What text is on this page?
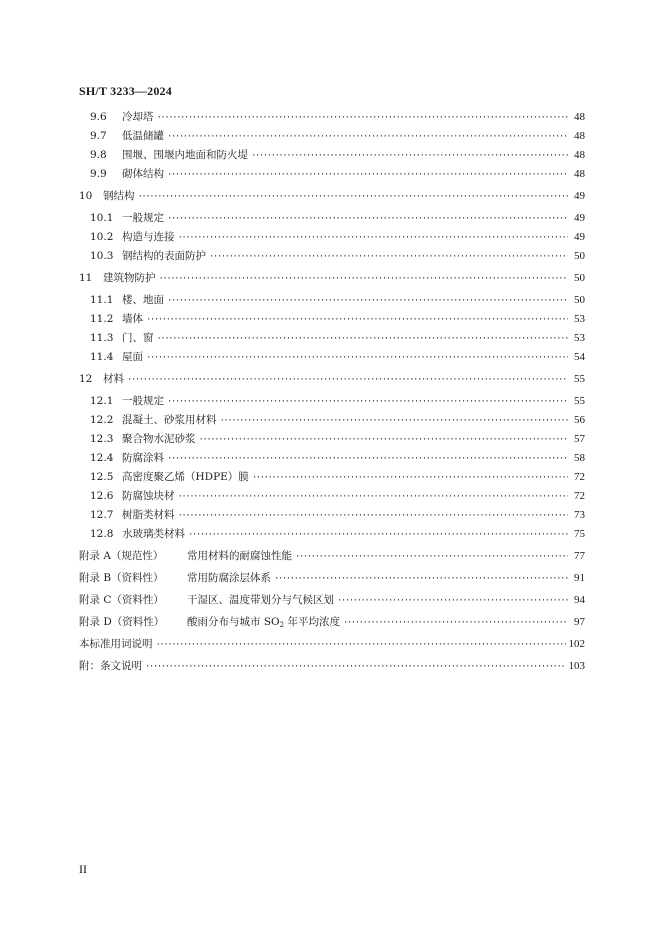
SH/T 3233—2024
9.6	冷却塔 ·····	48
9.7	低温储罐 ·····	48
9.8	围堰、围堰内地面和防火堤 ·····	48
9.9	砌体结构 ·····	48
10	钢结构 ·····	49
10.1 一般规定 ·····	49
10.2 构造与连接 ·····	49
10.3 钢结构的表面防护 ·····	50
11	建筑物防护 ·····	50
11.1 楼、地面 ·····	50
11.2 墙体 ·····	53
11.3 门、窗 ·····	53
11.4 屋面 ·····	54
12	材料 ·····	55
12.1 一般规定 ·····	55
12.2 混凝土、砂浆用材料 ·····	56
12.3 聚合物水泥砂浆 ·····	57
12.4 防腐涂料 ·····	58
12.5 高密度聚乙烯（HDPE）膜 ·····	72
12.6 防腐蚀块材 ·····	72
12.7 树脂类材料 ·····	73
12.8 水玻璃类材料 ·····	75
附录 A（规范性）	常用材料的耐腐蚀性能 ·····	77
附录 B（资料性）	常用防腐涂层体系 ·····	91
附录 C（资料性）	干湿区、温度带划分与气候区划 ·····	94
附录 D（资料性）	酸雨分布与城市 $SO_2$ 年平均浓度 ·····	97
本标准用词说明 ·····	102
附：条文说明 ·····	103
II
